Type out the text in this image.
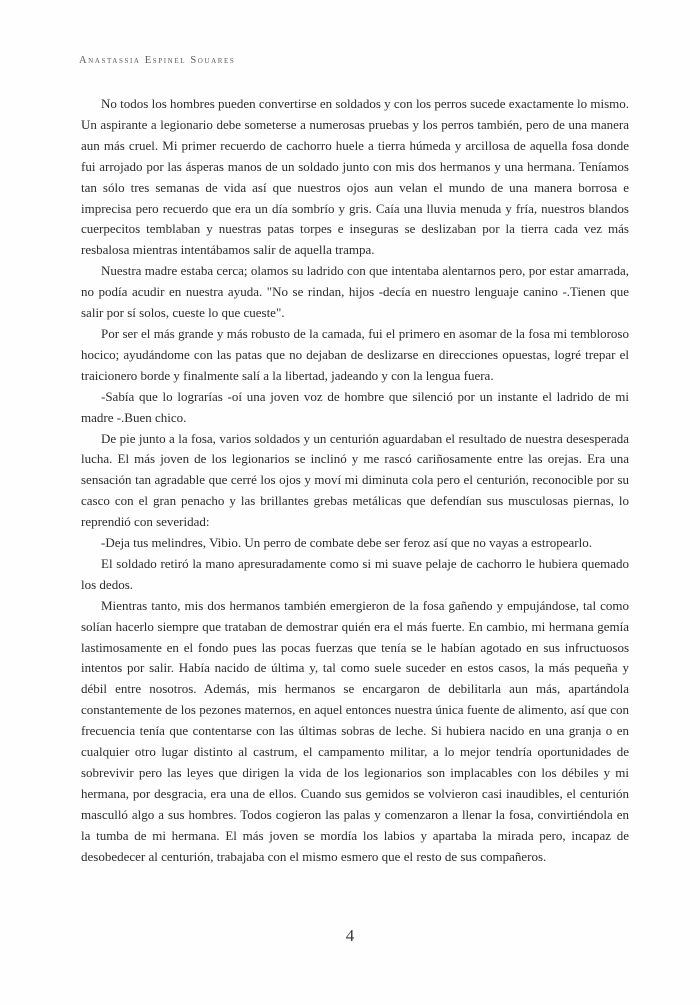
Anastassia Espinel Souares

No todos los hombres pueden convertirse en soldados y con los perros sucede exactamente lo mismo. Un aspirante a legionario debe someterse a numerosas pruebas y los perros también, pero de una manera aun más cruel. Mi primer recuerdo de cachorro huele a tierra húmeda y arcillosa de aquella fosa donde fui arrojado por las ásperas manos de un soldado junto con mis dos hermanos y una hermana. Teníamos tan sólo tres semanas de vida así que nuestros ojos aun velan el mundo de una manera borrosa e imprecisa pero recuerdo que era un día sombrío y gris. Caía una lluvia menuda y fría, nuestros blandos cuerpecitos temblaban y nuestras patas torpes e inseguras se deslizaban por la tierra cada vez más resbalosa mientras intentábamos salir de aquella trampa.

Nuestra madre estaba cerca; olamos su ladrido con que intentaba alentarnos pero, por estar amarrada, no podía acudir en nuestra ayuda. "No se rindan, hijos -decía en nuestro lenguaje canino -.Tienen que salir por sí solos, cueste lo que cueste".

Por ser el más grande y más robusto de la camada, fui el primero en asomar de la fosa mi tembloroso hocico; ayudándome con las patas que no dejaban de deslizarse en direcciones opuestas, logré trepar el traicionero borde y finalmente salí a la libertad, jadeando y con la lengua fuera.

-Sabía que lo lograrías -oí una joven voz de hombre que silenció por un instante el ladrido de mi madre -.Buen chico.

De pie junto a la fosa, varios soldados y un centurión aguardaban el resultado de nuestra desesperada lucha. El más joven de los legionarios se inclinó y me rascó cariñosamente entre las orejas. Era una sensación tan agradable que cerré los ojos y moví mi diminuta cola pero el centurión, reconocible por su casco con el gran penacho y las brillantes grebas metálicas que defendían sus musculosas piernas, lo reprendió con severidad:

-Deja tus melindres, Vibio. Un perro de combate debe ser feroz así que no vayas a estropearlo.

El soldado retiró la mano apresuradamente como si mi suave pelaje de cachorro le hubiera quemado los dedos.

Mientras tanto, mis dos hermanos también emergieron de la fosa gañendo y empujándose, tal como solían hacerlo siempre que trataban de demostrar quién era el más fuerte. En cambio, mi hermana gemía lastimosamente en el fondo pues las pocas fuerzas que tenía se le habían agotado en sus infructuosos intentos por salir. Había nacido de última y, tal como suele suceder en estos casos, la más pequeña y débil entre nosotros. Además, mis hermanos se encargaron de debilitarla aun más, apartándola constantemente de los pezones maternos, en aquel entonces nuestra única fuente de alimento, así que con frecuencia tenía que contentarse con las últimas sobras de leche. Si hubiera nacido en una granja o en cualquier otro lugar distinto al castrum, el campamento militar, a lo mejor tendría oportunidades de sobrevivir pero las leyes que dirigen la vida de los legionarios son implacables con los débiles y mi hermana, por desgracia, era una de ellos. Cuando sus gemidos se volvieron casi inaudibles, el centurión masculló algo a sus hombres. Todos cogieron las palas y comenzaron a llenar la fosa, convirtiéndola en la tumba de mi hermana. El más joven se mordía los labios y apartaba la mirada pero, incapaz de desobedecer al centurión, trabajaba con el mismo esmero que el resto de sus compañeros.

4
